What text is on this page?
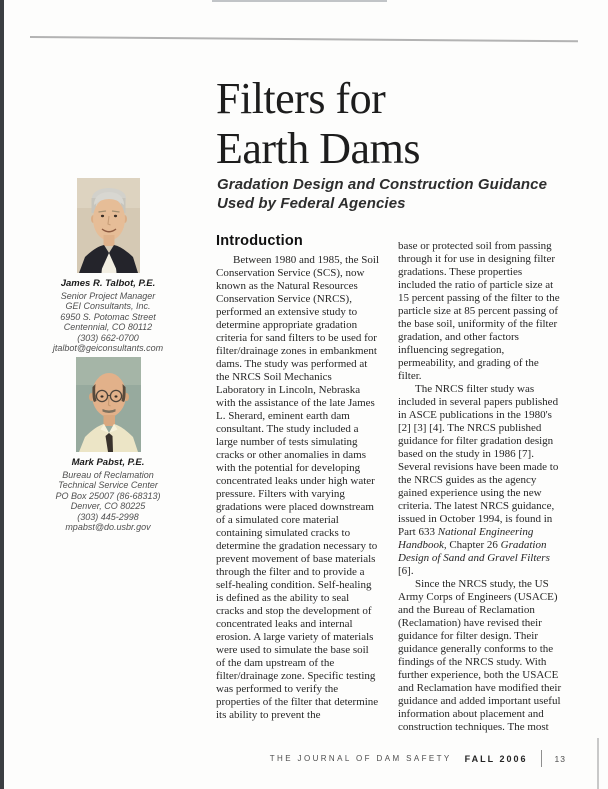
Filters for
Earth Dams
Gradation Design and Construction Guidance
Used by Federal Agencies
James R. Talbot, P.E.
Senior Project Manager
GEI Consultants, Inc.
6950 S. Potomac Street
Centennial, CO 80112
(303) 662-0700
jtalbot@geiconsultants.com
Mark Pabst, P.E.
Bureau of Reclamation
Technical Service Center
PO Box 25007 (86-68313)
Denver, CO 80225
(303) 445-2998
mpabst@do.usbr.gov
Introduction

Between 1980 and 1985, the Soil Conservation Service (SCS), now known as the Natural Resources Conservation Service (NRCS), performed an extensive study to determine appropriate gradation criteria for sand filters to be used for filter/drainage zones in embankment dams. The study was performed at the NRCS Soil Mechanics Laboratory in Lincoln, Nebraska with the assistance of the late James L. Sherard, eminent earth dam consultant. The study included a large number of tests simulating cracks or other anomalies in dams with the potential for developing concentrated leaks under high water pressure. Filters with varying gradations were placed downstream of a simulated core material containing simulated cracks to determine the gradation necessary to prevent movement of base materials through the filter and to provide a self-healing condition. Self-healing is defined as the ability to seal cracks and stop the development of concentrated leaks and internal erosion. A large variety of materials were used to simulate the base soil of the dam upstream of the filter/drainage zone. Specific testing was performed to verify the properties of the filter that determine its ability to prevent the

base or protected soil from passing through it for use in designing filter gradations. These properties included the ratio of particle size at 15 percent passing of the filter to the particle size at 85 percent passing of the base soil, uniformity of the filter gradation, and other factors influencing segregation, permeability, and grading of the filter.

The NRCS filter study was included in several papers published in ASCE publications in the 1980's [2] [3] [4]. The NRCS published guidance for filter gradation design based on the study in 1986 [7]. Several revisions have been made to the NRCS guides as the agency gained experience using the new criteria. The latest NRCS guidance, issued in October 1994, is found in Part 633 National Engineering Handbook, Chapter 26 Gradation Design of Sand and Gravel Filters [6].

Since the NRCS study, the US Army Corps of Engineers (USACE) and the Bureau of Reclamation (Reclamation) have revised their guidance for filter design. Their guidance generally conforms to the findings of the NRCS study. With further experience, both the USACE and Reclamation have modified their guidance and added important useful information about placement and construction techniques. The most

THE JOURNAL OF DAM SAFETY FALL 2006	13
